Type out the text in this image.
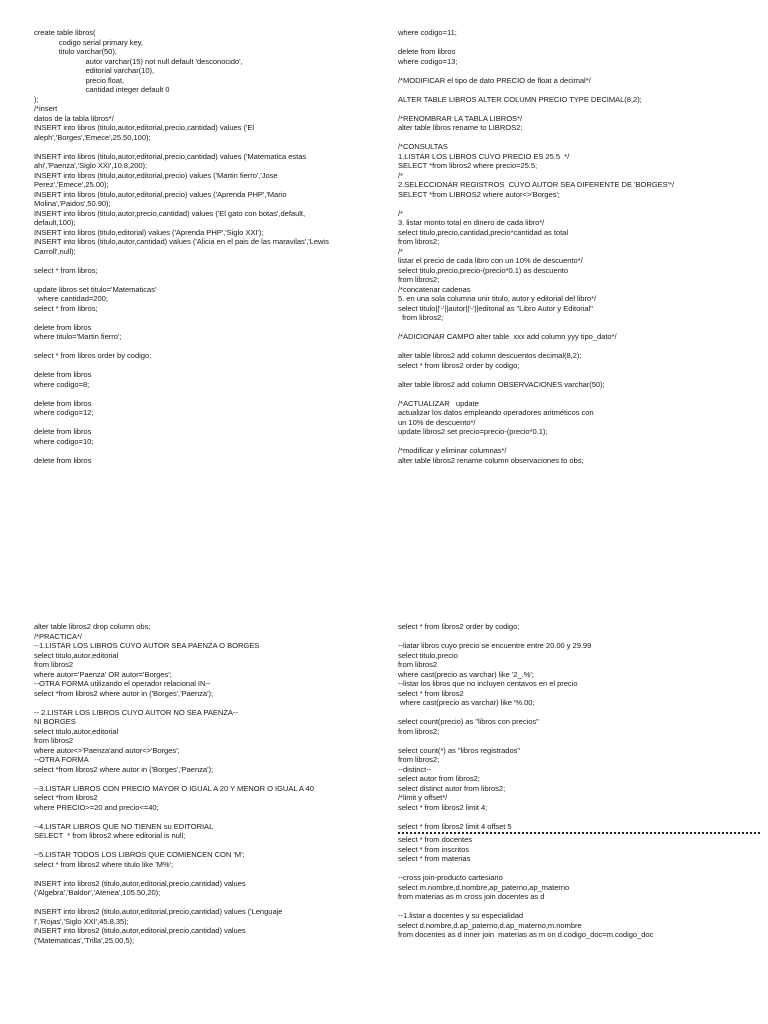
create table libros(
codigo serial primary key,
titulo varchar(50),
autor varchar(15) not null default 'desconocido',
editorial varchar(10),
precio float,
cantidad integer default 0
);
/*insert
datos de la tabla libros*/
INSERT into libros (titulo,autor,editorial,precio,cantidad) values ('El
aleph','Borges','Emece',25.50,100);
INSERT into libros (titulo,autor,editorial,precio,cantidad) values ('Matematica estas
ahi','Paenza','Siglo XXI',10.8,200);
INSERT into libros (titulo,autor,editorial,precio) values ('Martin fierro','Jose
Perez','Emece',25.00);
INSERT into libros (titulo,autor,editorial,precio) values ('Aprenda PHP','Mario
Molina','Paidos',50.90);
INSERT into libros (titulo,autor,precio,cantidad) values ('El gato con botas',default,
default,100);
INSERT into libros (titulo,editorial) values ('Aprenda PHP','Siglo XXI');
INSERT into libros (titulo,autor,cantidad) values ('Alicia en el pais de las maravilas','Lewis
Carroll',null);
select * from libros;
update libros set titulo='Matematicas'
where cantidad=200;
select * from libros;
delete from libros
where titulo='Martin fierro';
select * from libros order by codigo;
delete from libros
where codigo=8;
delete from libros
where codigo=12;
delete from libros
where codigo=10;
delete from libros
where codigo=11;
delete from libros
where codigo=13;
/*MODIFICAR el tipo de dato PRECIO de float a decimal*/
ALTER TABLE LIBROS ALTER COLUMN PRECIO TYPE DECIMAL(8,2);
/*RENOMBRAR LA TABLA LIBROS*/
alter table libros rename to LIBROS2;
/*CONSULTAS
1.LISTAR LOS LIBROS CUYO PRECIO ES 25.5  */
SELECT *from libros2 where precio=25.5;
/*
2.SELECCIONAR REGISTROS  CUYO AUTOR SEA DIFERENTE DE 'BORGES'*/
SELECT *from LIBROS2 where autor<>'Borges';
/*
3. listar monto total en dinero de cada libro*/
select titulo,precio,cantidad,precio*cantidad as total
from libros2;
/*
listar el precio de cada libro con un 10% de descuento*/
select titulo,precio,precio-(precio*0.1) as descuento
from libros2;
/*concatenar cadenas
5. en una sola columna unir titulo, autor y editorial del libro*/
select titulo||'-'||autor||'-'||editorial as "Libro Autor y Editorial"
from libros2;
/*ADICIONAR CAMPO alter table  xxx add column yyy tipo_dato*/
alter table libros2 add column descuentos decimal(8,2);
select * from libros2 order by codigo;
alter table libros2 add column OBSERVACIONES varchar(50);
/*ACTUALIZAR   update
actualizar los datos empleando operadores aritméticos con
un 10% de descuento*/
update libros2 set precio=precio-(precio*0.1);
/*modificar y eliminar columnas*/
alter table libros2 rename column observaciones to obs;
alter table libros2 drop column obs;
/*PRACTICA*/
--1.LISTAR LOS LIBROS CUYO AUTOR SEA PAENZA O BORGES
select titulo,autor,editorial
from libros2
where autor='Paenza' OR autor='Borges';
--OTRA FORMA utilizando el operador relacional IN--
select *from libros2 where autor in ('Borges','Paenza');
-- 2.LISTAR LOS LIBROS CUYO AUTOR NO SEA PAENZA--
NI BORGES
select titulo,autor,editorial
from libros2
where autor<>'Paenza'and autor<>'Borges';
--OTRA FORMA
select *from libros2 where autor in ('Borges','Paenza');
--3.LISTAR LIBROS CON PRECIO MAYOR O IGUAL A 20 Y MENOR O IGUAL A 40
select *from libros2
where PRECIO>=20 and precio<=40;
--4.LISTAR LIBROS QUE NO TIENEN su EDITORIAL
SELECT  * from libros2 where editorial is null;
--5.LISTAR TODOS LOS LIBROS QUE COMIENCEN CON 'M';
select * from libros2 where titulo like 'M%';
INSERT into libros2 (titulo,autor,editorial,precio,cantidad) values
('Algebra','Baldor','Atenea',105.50,20);
INSERT into libros2 (titulo,autor,editorial,precio,cantidad) values ('Lenguaje
I','Rojas','Siglo XXI',45.8,35);
INSERT into libros2 (titulo,autor,editorial,precio,cantidad) values
('Matematicas','Trilla',25.00,5);
select * from libros2 order by codigo;
--liatar libros cuyo precio se encuentre entre 20.00 y 29.99
select titulo,precio
from libros2
where cast(precio as varchar) like '2_.%';
--listar los libros que no incluyen centavos en el precio
select * from libros2
where cast(precio as varchar) like '%.00;
select count(precio) as "libros con precios"
from libros2;
select count(*) as "libros registrados"
from libros2;
--distinct--
select autor from libros2;
select distinct autor from libros2;
/*limit y offset*/
select * from libros2 limit 4;
select * from libros2 limit 4 offset 5
select * from docentes
select * from inscritos
select * from materias
--cross join-producto cartesiano
select m.nombre,d.nombre,ap_paterno,ap_materno
from materias as m cross join docentes as d
--1.listar a docentes y su especialidad
select d.nombre,d.ap_paterno,d.ap_materno,m.nombre
from docentes as d inner join  materias as m on d.codigo_doc=m.codigo_doc
